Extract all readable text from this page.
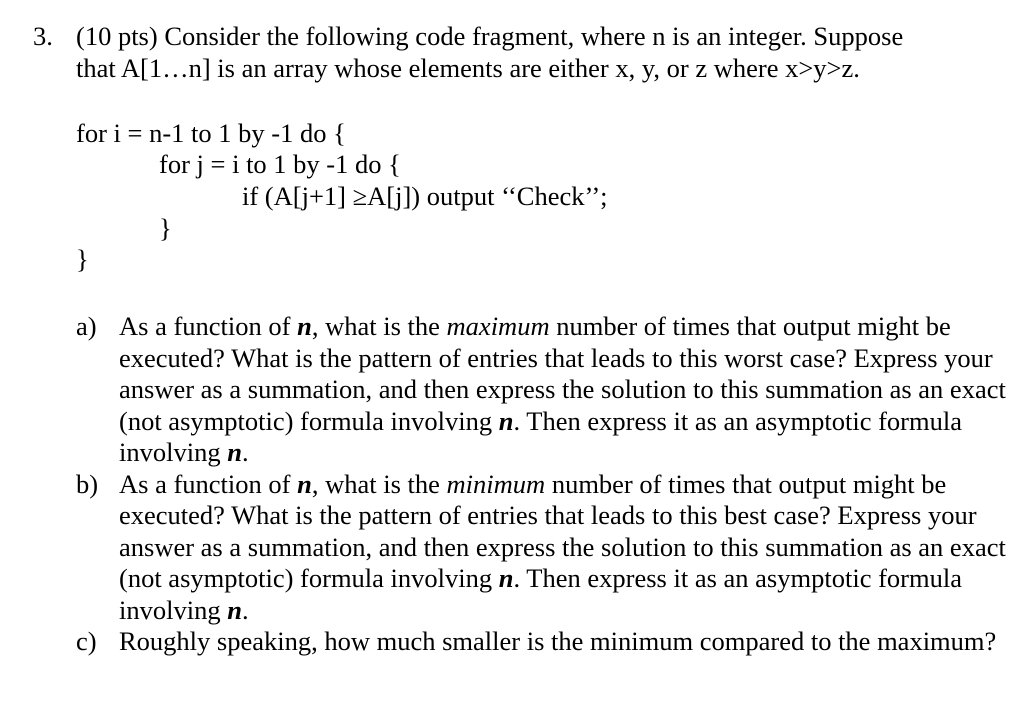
3. (10 pts) Consider the following code fragment, where n is an integer. Suppose
that A[1…n] is an array whose elements are either x, y, or z where x>y>z.
for i = n-1 to 1 by -1 do {
for j = i to 1 by -1 do {
if (A[j+1] ≥A[j]) output ‘‘Check’’;
}
}
a) As a function of n, what is the maximum number of times that output might be executed? What is the pattern of entries that leads to this worst case? Express your answer as a summation, and then express the solution to this summation as an exact (not asymptotic) formula involving n. Then express it as an asymptotic formula involving n.
b) As a function of n, what is the minimum number of times that output might be executed? What is the pattern of entries that leads to this best case? Express your answer as a summation, and then express the solution to this summation as an exact (not asymptotic) formula involving n. Then express it as an asymptotic formula involving n.
c) Roughly speaking, how much smaller is the minimum compared to the maximum?
